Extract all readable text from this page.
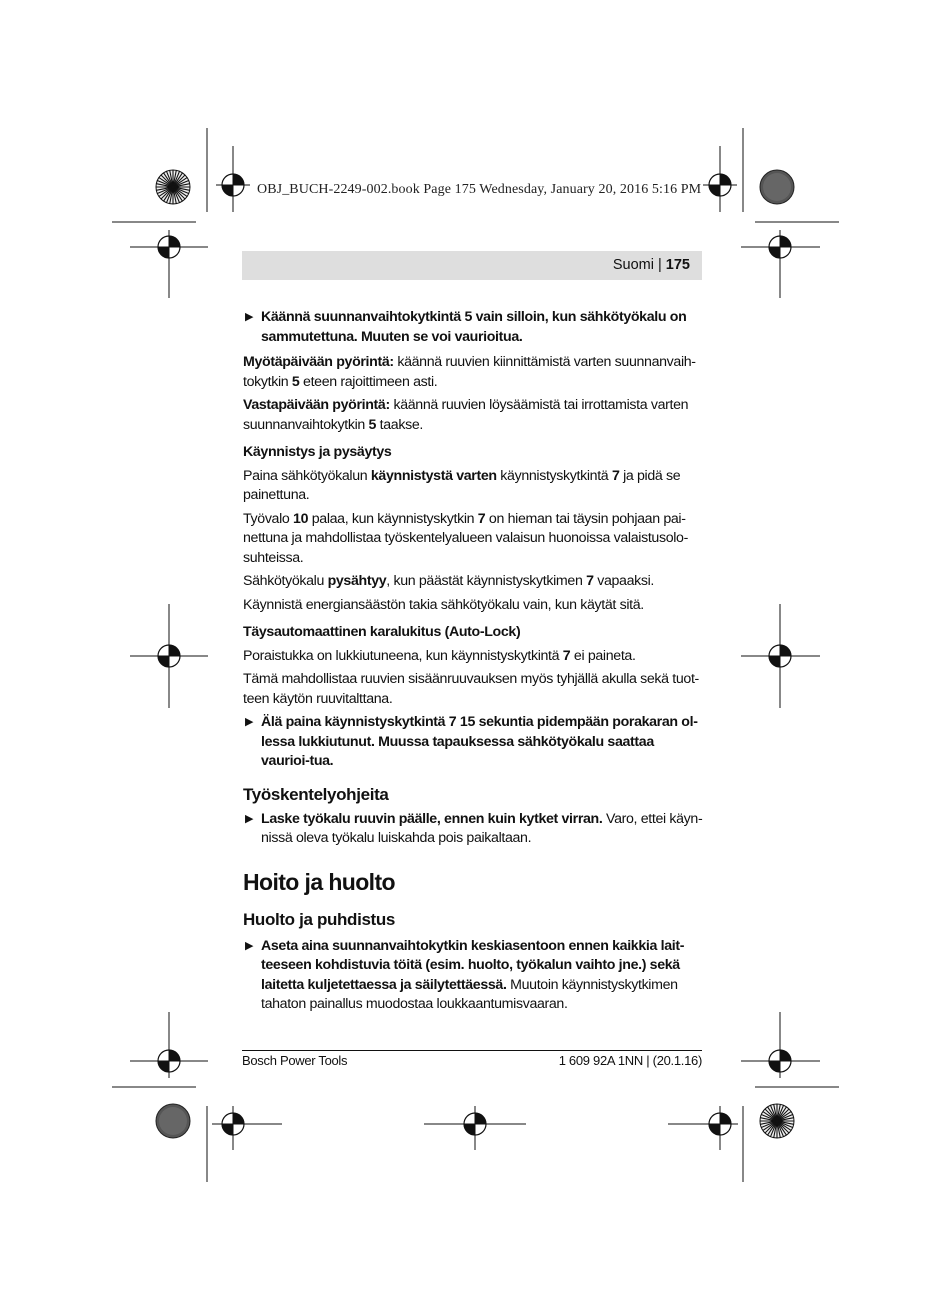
OBJ_BUCH-2249-002.book Page 175 Wednesday, January 20, 2016 5:16 PM
Suomi | 175

▶ Käännä suunnanvaihtokytkintä 5 vain silloin, kun sähkötyökalu on sammutettuna. Muuten se voi vaurioitua.

Myötäpäivään pyörintä: käännä ruuvien kiinnittämistä varten suunnanvaih-tokytkin 5 eteen rajoittimeen asti.

Vastapäivään pyörintä: käännä ruuvien löysäämistä tai irrottamista varten suunnanvaihtokytkin 5 taakse.

Käynnistys ja pysäytys

Paina sähkötyökalun käynnistystä varten käynnistyskytkintä 7 ja pidä se painettuna.

Työvalo 10 palaa, kun käynnistyskytkin 7 on hieman tai täysin pohjaan pai-nettuna ja mahdollistaa työskentelyalueen valaisun huonoissa valaistusolo-suhteissa.

Sähkötyökalu pysähtyy, kun päästät käynnistyskytkimen 7 vapaaksi.

Käynnistä energiansäästön takia sähkötyökalu vain, kun käytät sitä.

Täysautomaattinen karalukitus (Auto-Lock)

Poraistukka on lukkiutuneena, kun käynnistyskytkintä 7 ei paineta.

Tämä mahdollistaa ruuvien sisäänruuvauksen myös tyhjällä akulla sekä tuot-teen käytön ruuvitalttana.

▶ Älä paina käynnistyskytkintä 7 15 sekuntia pidempään porakaran ol-lessa lukkiutunut. Muussa tapauksessa sähkötyökalu saattaa vaurioi-tua.

Työskentelyohjeita

▶ Laske työkalu ruuvin päälle, ennen kuin kytket virran. Varo, ettei käyn-nissä oleva työkalu luiskahda pois paikaltaan.

Hoito ja huolto

Huolto ja puhdistus

▶ Aseta aina suunnanvaihtokytkin keskiasentoon ennen kaikkia lait-teeseen kohdistuvia töitä (esim. huolto, työkalun vaihto jne.) sekä laitetta kuljetettaessa ja säilytettäessä. Muutoin käynnistyskytkimen tahaton painallus muodostaa loukkaantumisvaaran.

Bosch Power Tools	1 609 92A 1NN | (20.1.16)
